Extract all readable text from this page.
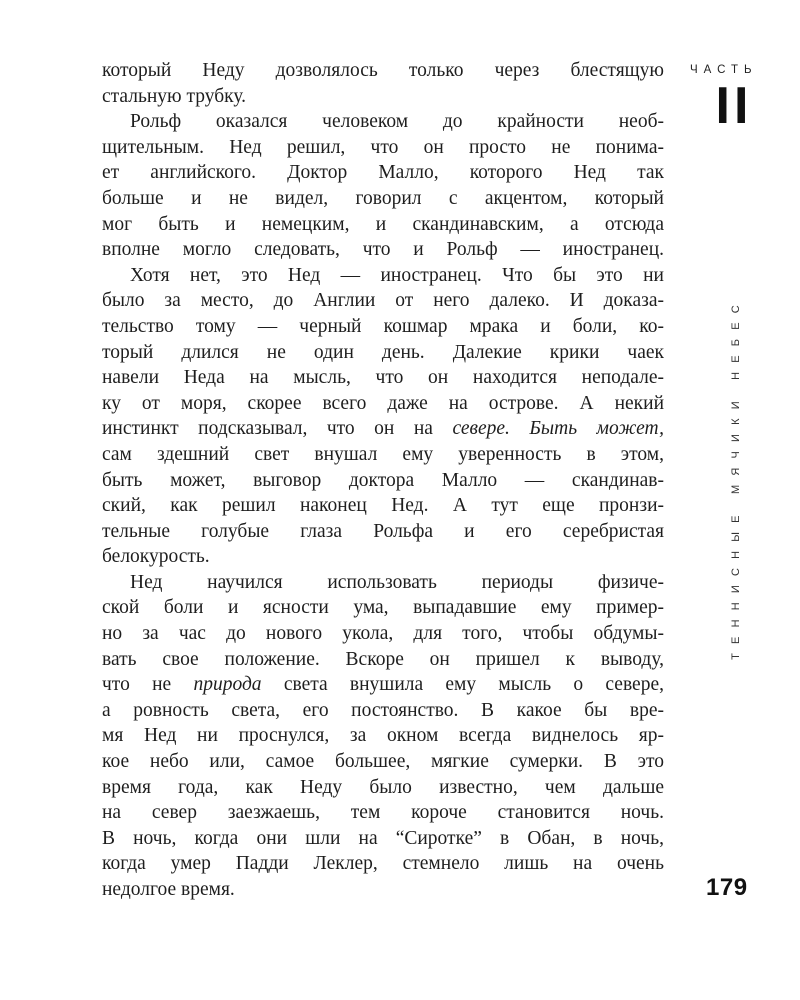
который Неду дозволялось только через блестящую
стальную трубку.
Рольф оказался человеком до крайности необ-
щительным. Нед решил, что он просто не понима-
ет английского. Доктор Малло, которого Нед так
больше и не видел, говорил с акцентом, который
мог быть и немецким, и скандинавским, а отсюда
вполне могло следовать, что и Рольф — иностранец.
Хотя нет, это Нед — иностранец. Что бы это ни
было за место, до Англии от него далеко. И доказа-
тельство тому — черный кошмар мрака и боли, ко-
торый длился не один день. Далекие крики чаек
навели Неда на мысль, что он находится неподале-
ку от моря, скорее всего даже на острове. А некий
инстинкт подсказывал, что он на северe. Быть может,
сам здешний свет внушал ему уверенность в этом,
быть может, выговор доктора Малло — скандинав-
ский, как решил наконец Нед. А тут еще пронзи-
тельные голубые глаза Рольфа и его серебристая
белокурость.
Нед научился использовать периоды физиче-
ской боли и ясности ума, выпадавшие ему пример-
но за час до нового укола, для того, чтобы обдумы-
вать свое положение. Вскоре он пришел к выводу,
что не природа света внушила ему мысль о севере,
а ровность света, его постоянство. В какое бы вре-
мя Нед ни проснулся, за окном всегда виднелось яр-
кое небо или, самое большее, мягкие сумерки. В это
время года, как Неду было известно, чем дальше
на север заезжаешь, тем короче становится ночь.
В ночь, когда они шли на “Сиротке” в Обан, в ночь,
когда умер Падди Леклер, стемнело лишь на очень
недолгое время.
ЧАСТЬ
II
ТЕННИСНЫЕ МЯЧИКИ НЕБЕС
179
